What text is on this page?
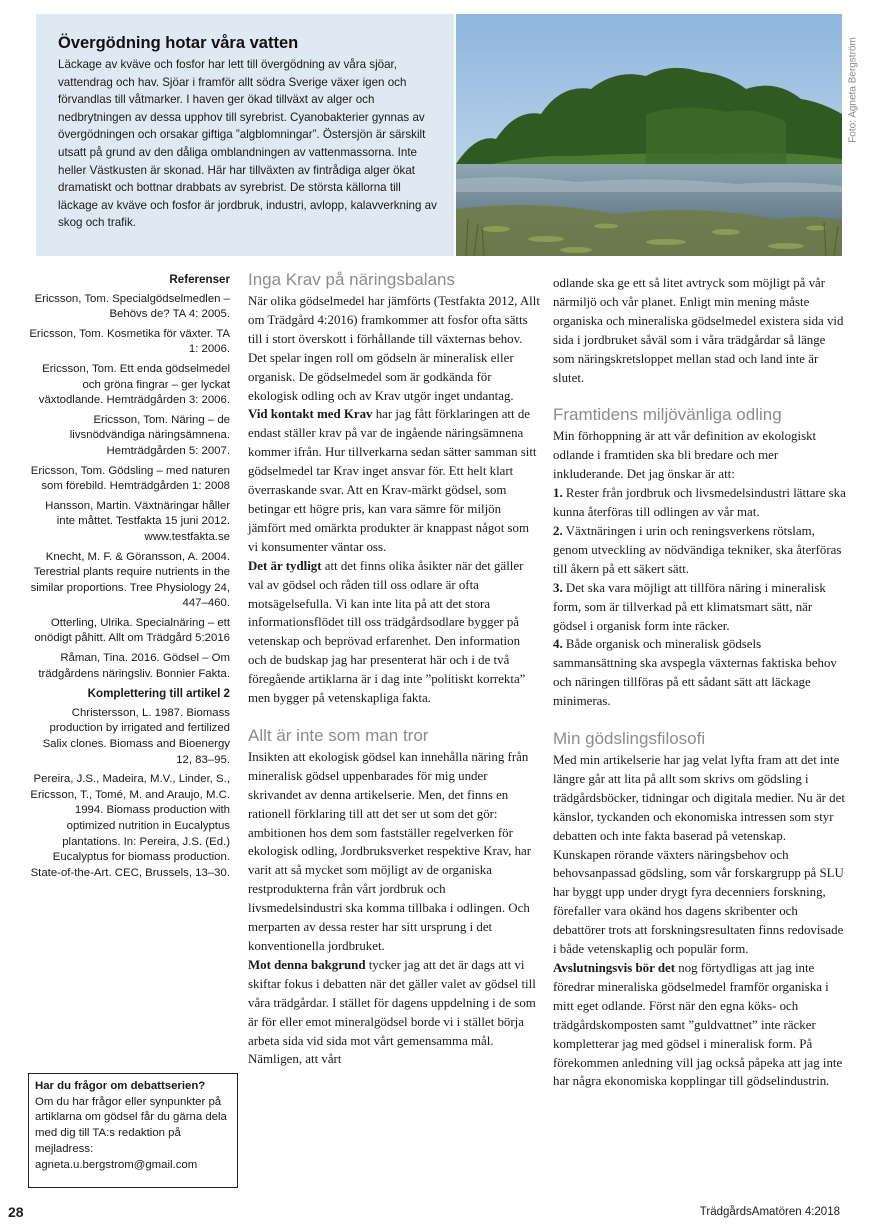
Övergödning hotar våra vatten

Läckage av kväve och fosfor har lett till övergödning av våra sjöar, vattendrag och hav. Sjöar i framför allt södra Sverige växer igen och förvandlas till våtmarker. I haven ger ökad tillväxt av alger och nedbrytningen av dessa upphov till syrebrist. Cyanobakterier gynnas av övergödningen och orsakar giftiga ”algblomningar”. Östersjön är särskilt utsatt på grund av den dåliga omblandningen av vattenmassorna. Inte heller Västkusten är skonad. Här har tillväxten av fintrådiga alger ökat dramatiskt och bottnar drabbats av syrebrist. De största källorna till läckage av kväve och fosfor är jordbruk, industri, avlopp, kalavverkning av skog och trafik.

Foto: Agneta Bergström
Referenser
Ericsson, Tom. Specialgödselmedlen – Behövs de? TA 4: 2005.
Ericsson, Tom. Kosmetika för växter. TA 1: 2006.
Ericsson, Tom. Ett enda gödselmedel och gröna fingrar – ger lyckat växtodlande. Hemträdgården 3: 2006.
Ericsson, Tom. Näring – de livsnödvändiga näringsämnena. Hemträdgården 5: 2007.
Ericsson, Tom. Gödsling – med naturen som förebild. Hemträdgården 1: 2008
Hansson, Martin. Växtnäringar håller inte måttet. Testfakta 15 juni 2012. www.testfakta.se
Knecht, M. F. & Göransson, A. 2004. Terestrial plants require nutrients in the similar proportions. Tree Physiology 24, 447–460.
Otterling, Ulrika. Specialnäring – ett onödigt påhitt. Allt om Trädgård 5:2016
Råman, Tina. 2016. Gödsel – Om trädgårdens näringsliv. Bonnier Fakta.
Komplettering till artikel 2
Christersson, L. 1987. Biomass production by irrigated and fertilized Salix clones. Biomass and Bioenergy 12, 83–95.
Pereira, J.S., Madeira, M.V., Linder, S., Ericsson, T., Tomé, M. and Araujo, M.C. 1994. Biomass production with optimized nutrition in Eucalyptus plantations. In: Pereira, J.S. (Ed.) Eucalyptus for biomass production. State-of-the-Art. CEC, Brussels, 13–30.
Har du frågor om debattserien?
Om du har frågor eller synpunkter på artiklarna om gödsel får du gärna dela med dig till TA:s redaktion på mejladress:
agneta.u.bergstrom@gmail.com
Inga Krav på näringsbalans

När olika gödselmedel har jämförts (Testfakta 2012, Allt om Trädgård 4:2016) framkommer att fosfor ofta sätts till i stort överskott i förhållande till växternas behov. Det spelar ingen roll om gödseln är mineralisk eller organisk. De gödselmedel som är godkända för ekologisk odling och av Krav utgör inget undantag.

Vid kontakt med Krav har jag fått förklaringen att de endast ställer krav på var de ingående näringsämnena kommer ifrån. Hur tillverkarna sedan sätter samman sitt gödselmedel tar Krav inget ansvar för. Ett helt klart överraskande svar. Att en Krav-märkt gödsel, som betingar ett högre pris, kan vara sämre för miljön jämfört med omärkta produkter är knappast något som vi konsumenter väntar oss.

Det är tydligt att det finns olika åsikter när det gäller val av gödsel och råden till oss odlare är ofta motsägelsefulla. Vi kan inte lita på att det stora informationsflödet till oss trädgårdsodlare bygger på vetenskap och beprövad erfarenhet. Den information och de budskap jag har presenterat här och i de två föregående artiklarna är i dag inte ”politiskt korrekta” men bygger på vetenskapliga fakta.

Allt är inte som man tror

Insikten att ekologisk gödsel kan innehålla näring från mineralisk gödsel uppenbarades för mig under skrivandet av denna artikelserie. Men, det finns en rationell förklaring till att det ser ut som det gör: ambitionen hos dem som fastställer regelverken för ekologisk odling, Jordbruksverket respektive Krav, har varit att så mycket som möjligt av de organiska restprodukterna från vårt jordbruk och livsmedelsindustri ska komma tillbaka i odlingen. Och merparten av dessa rester har sitt ursprung i det konventionella jordbruket.

Mot denna bakgrund tycker jag att det är dags att vi skiftar fokus i debatten när det gäller valet av gödsel till våra trädgårdar. I stället för dagens uppdelning i de som är för eller emot mineralgödsel borde vi i stället börja arbeta sida vid sida mot vårt gemensamma mål. Nämligen, att vårt

odlande ska ge ett så litet avtryck som möjligt på vår närmiljö och vår planet. Enligt min mening måste organiska och mineraliska gödselmedel existera sida vid sida i jordbruket såväl som i våra trädgårdar så länge som näringskretsloppet mellan stad och land inte är slutet.

Framtidens miljövänliga odling

Min förhoppning är att vår definition av ekologiskt odlande i framtiden ska bli bredare och mer inkluderande. Det jag önskar är att:

1. Rester från jordbruk och livsmedelsindustri lättare ska kunna återföras till odlingen av vår mat.

2. Växtnäringen i urin och reningsverkens rötslam, genom utveckling av nödvändiga tekniker, ska återföras till åkern på ett säkert sätt.

3. Det ska vara möjligt att tillföra näring i mineralisk form, som är tillverkad på ett klimatsmart sätt, när gödsel i organisk form inte räcker.

4. Både organisk och mineralisk gödsels sammansättning ska avspegla växternas faktiska behov och näringen tillföras på ett sådant sätt att läckage minimeras.

Min gödslingsfilosofi

Med min artikelserie har jag velat lyfta fram att det inte längre går att lita på allt som skrivs om gödsling i trädgårdsböcker, tidningar och digitala medier. Nu är det känslor, tyckanden och ekonomiska intressen som styr debatten och inte fakta baserad på vetenskap. Kunskapen rörande växters näringsbehov och behovsanpassad gödsling, som vår forskargrupp på SLU har byggt upp under drygt fyra decenniers forskning, förefaller vara okänd hos dagens skribenter och debattörer trots att forskningsresultaten finns redovisade i både vetenskaplig och populär form.

Avslutningsvis bör det nog förtydligas att jag inte föredrar mineraliska gödselmedel framför organiska i mitt eget odlande. Först när den egna köks- och trädgårdskomposten samt ”guldvattnet” inte räcker kompletterar jag med gödsel i mineralisk form. På förekommen anledning vill jag också påpeka att jag inte har några ekonomiska kopplingar till gödselindustrin.

28	TrädgårdsAmatören 4:2018
